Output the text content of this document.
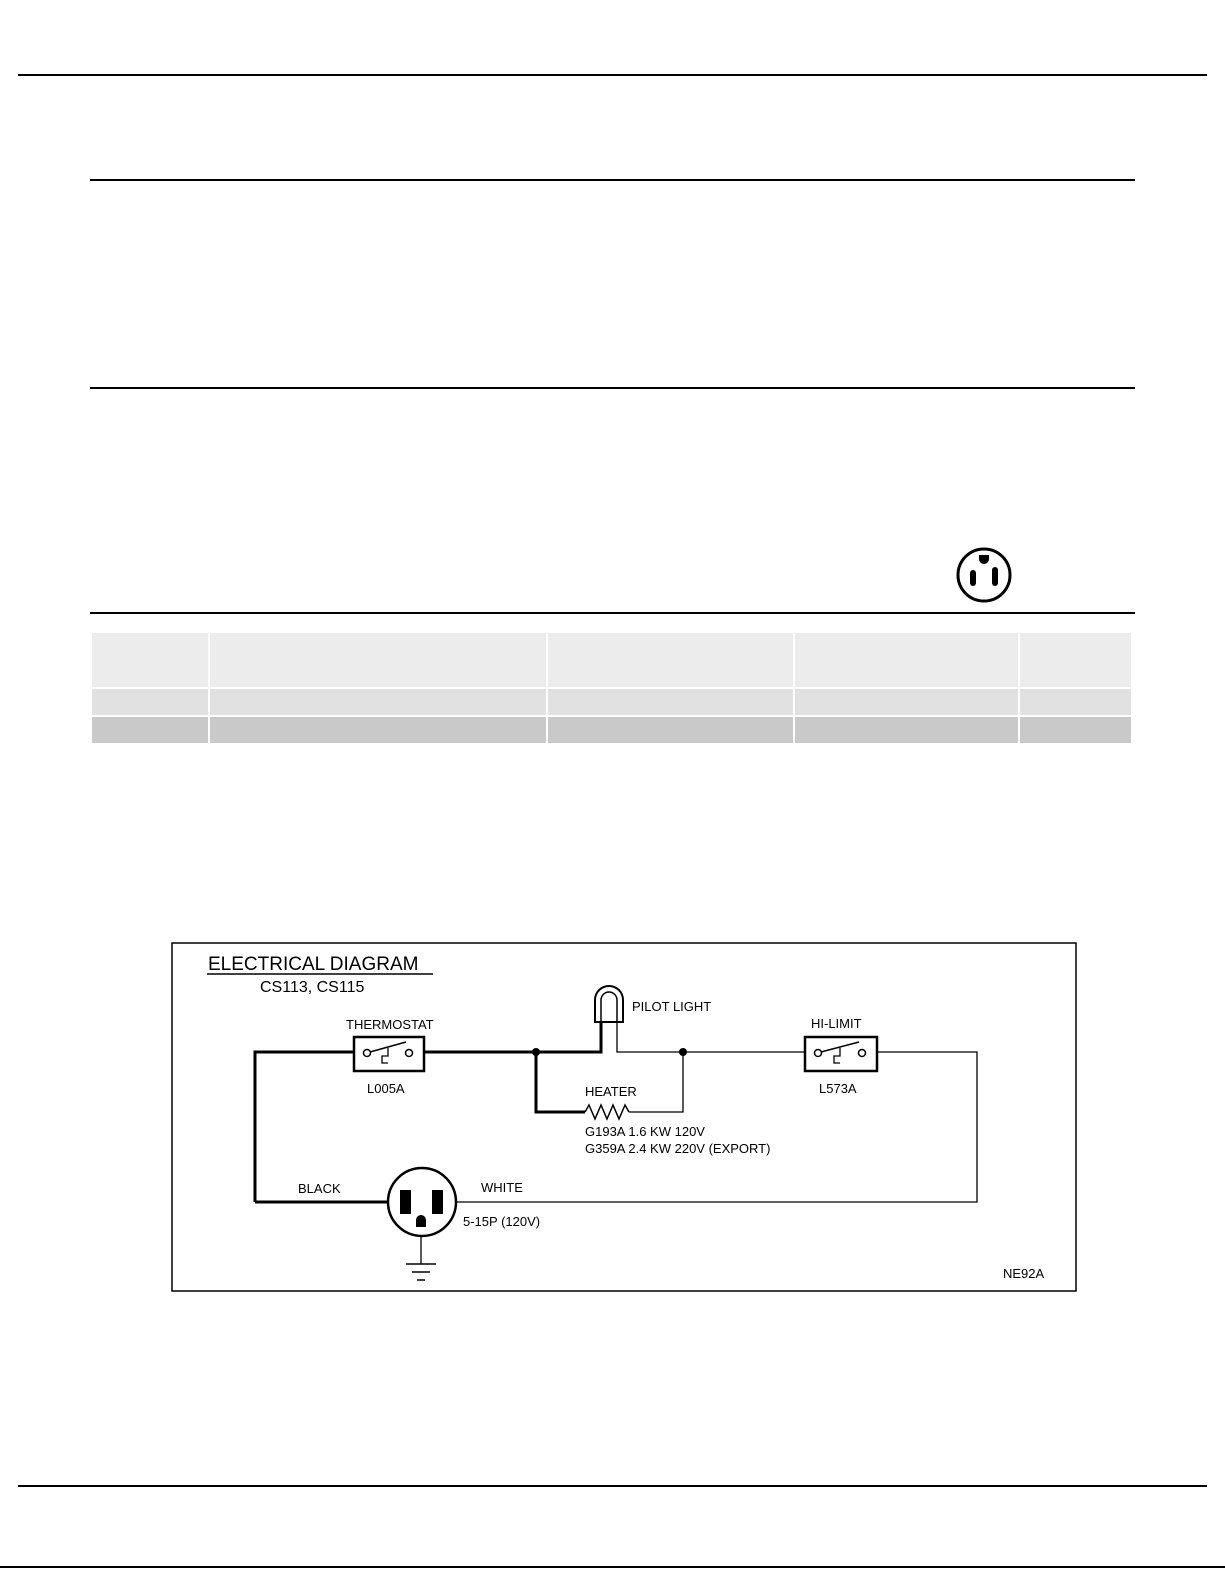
ELECTRICAL DIAGRAM
CS113, CS115
PILOT LIGHT
THERMOSTAT
L005A
HI-LIMIT
L573A
HEATER
G193A 1.6 KW 120V
G359A 2.4 KW 220V (EXPORT)
BLACK	WHITE
5-15P (120V)
NE92A
